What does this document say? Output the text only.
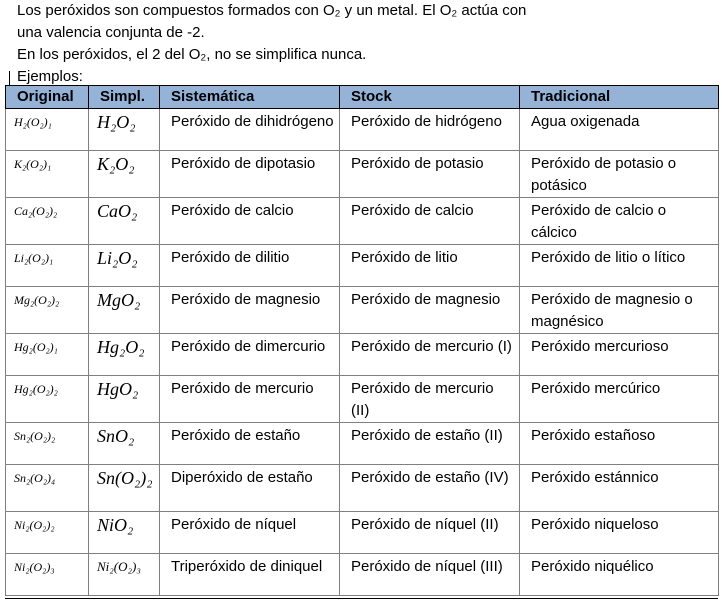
Los peróxidos son compuestos formados con O₂ y un metal. El O₂ actúa con

una valencia conjunta de -2.

En los peróxidos, el 2 del O₂, no se simplifica nunca.

Ejemplos:

Original	Simpl.	Sistemática	Stock	Tradicional
H₂(O₂)₁	H₂O₂	Peróxido de dihidrógeno	Peróxido de hidrógeno	Agua oxigenada
K₂(O₂)₁	K₂O₂	Peróxido de dipotasio	Peróxido de potasio	Peróxido de potasio o potásico
Ca₂(O₂)₂	CaO₂	Peróxido de calcio	Peróxido de calcio	Peróxido de calcio o cálcico
Li₂(O₂)₁	Li₂O₂	Peróxido de dilitio	Peróxido de litio	Peróxido de litio o lítico
Mg₂(O₂)₂	MgO₂	Peróxido de magnesio	Peróxido de magnesio	Peróxido de magnesio o magnésico
Hg₂(O₂)₁	Hg₂O₂	Peróxido de dimercurio	Peróxido de mercurio (I)	Peróxido mercurioso
Hg₂(O₂)₂	HgO₂	Peróxido de mercurio	Peróxido de mercurio (II)	Peróxido mercúrico
Sn₂(O₂)₂	SnO₂	Peróxido de estaño	Peróxido de estaño (II)	Peróxido estañoso
Sn₂(O₂)₄	Sn(O₂)₂	Diperóxido de estaño	Peróxido de estaño (IV)	Peróxido estánnico
Ni₂(O₂)₂	NiO₂	Peróxido de níquel	Peróxido de níquel (II)	Peróxido niqueloso
Ni₂(O₂)₃	Ni₂(O₂)₃	Triperóxido de diniquel	Peróxido de níquel (III)	Peróxido niquélico
